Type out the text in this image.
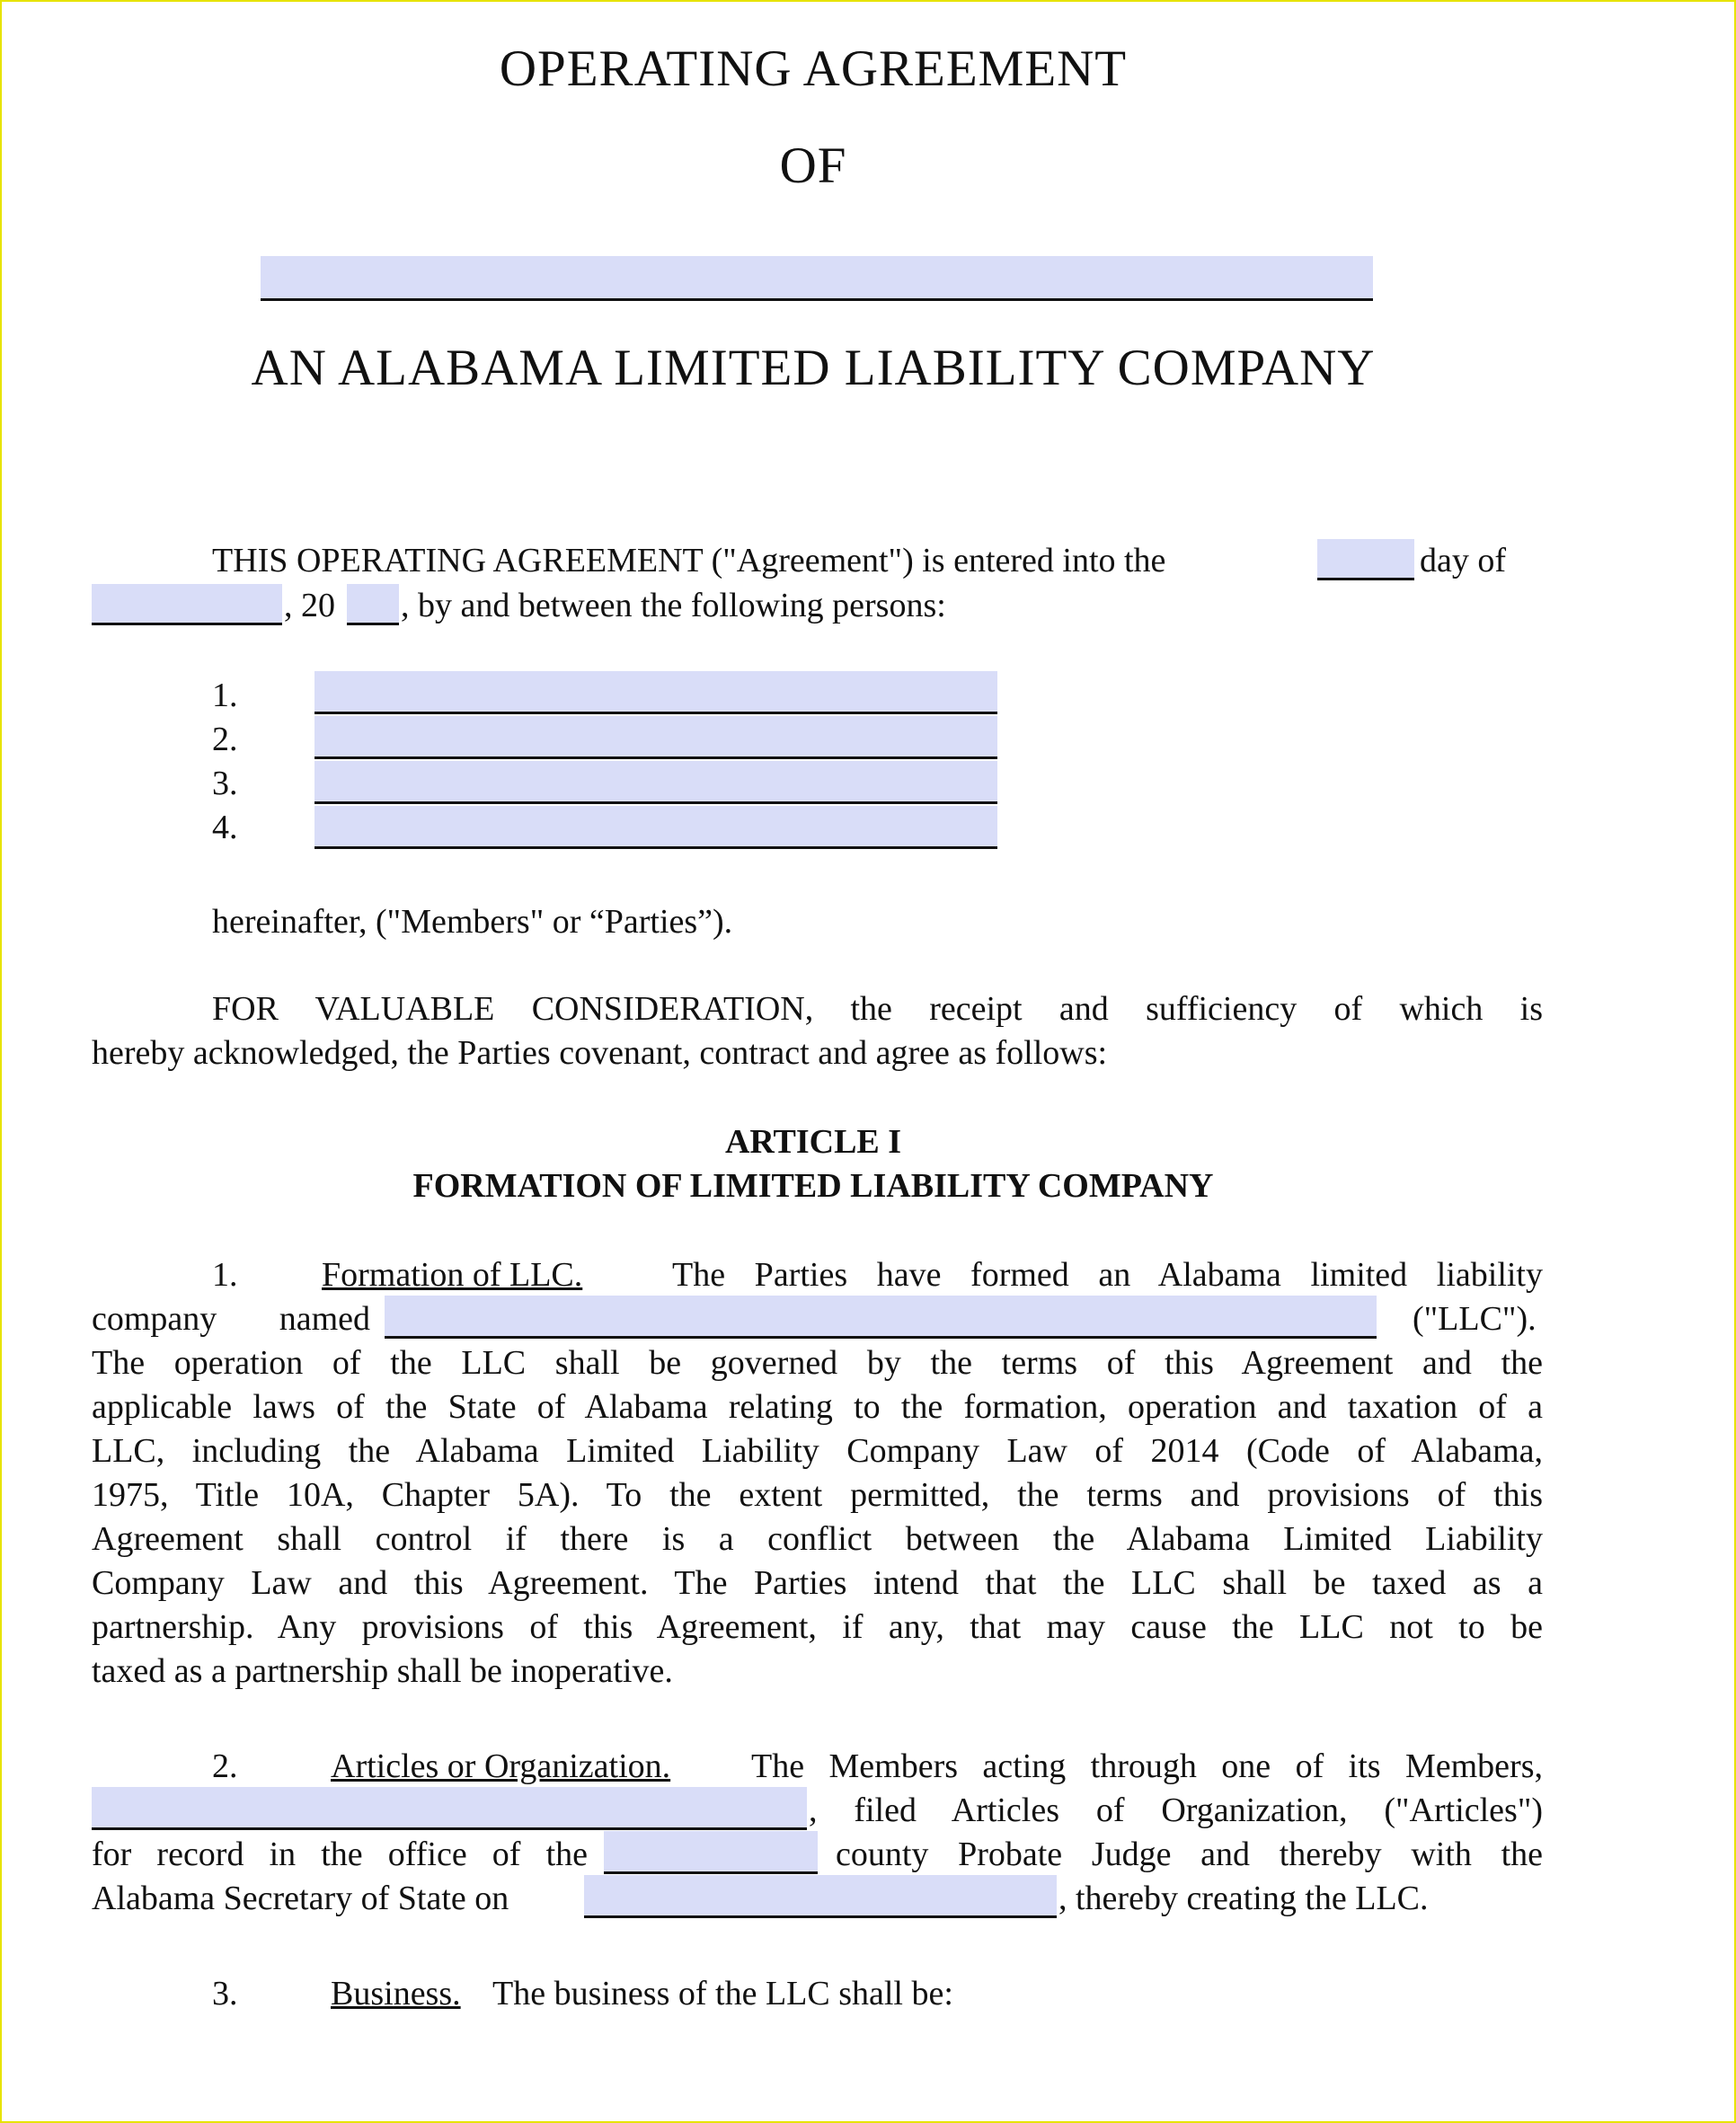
OPERATING AGREEMENT
OF
AN ALABAMA LIMITED LIABILITY COMPANY
THIS OPERATING AGREEMENT ("Agreement") is entered into the	day of
, 20 , by and between the following persons:
1.
2.
3.
4.
hereinafter, ("Members" or “Parties”).
FOR VALUABLE CONSIDERATION, the receipt and sufficiency of which is
hereby acknowledged, the Parties covenant, contract and agree as follows:
ARTICLE I
FORMATION OF LIMITED LIABILITY COMPANY
1. Formation of LLC.	The Parties have formed an Alabama limited liability
company named	("LLC").
The operation of the LLC shall be governed by the terms of this Agreement and the
applicable laws of the State of Alabama relating to the formation, operation and taxation of a
LLC, including the Alabama Limited Liability Company Law of 2014 (Code of Alabama,
1975, Title 10A, Chapter 5A). To the extent permitted, the terms and provisions of this
Agreement shall control if there is a conflict between the Alabama Limited Liability
Company Law and this Agreement. The Parties intend that the LLC shall be taxed as a
partnership. Any provisions of this Agreement, if any, that may cause the LLC not to be
taxed as a partnership shall be inoperative.
2.	Articles or Organization. The Members acting through one of its Members,
, filed Articles of Organization, ("Articles")
for record in the office of the	county Probate Judge and thereby with the
Alabama Secretary of State on	, thereby creating the LLC.
3.	Business. The business of the LLC shall be:
